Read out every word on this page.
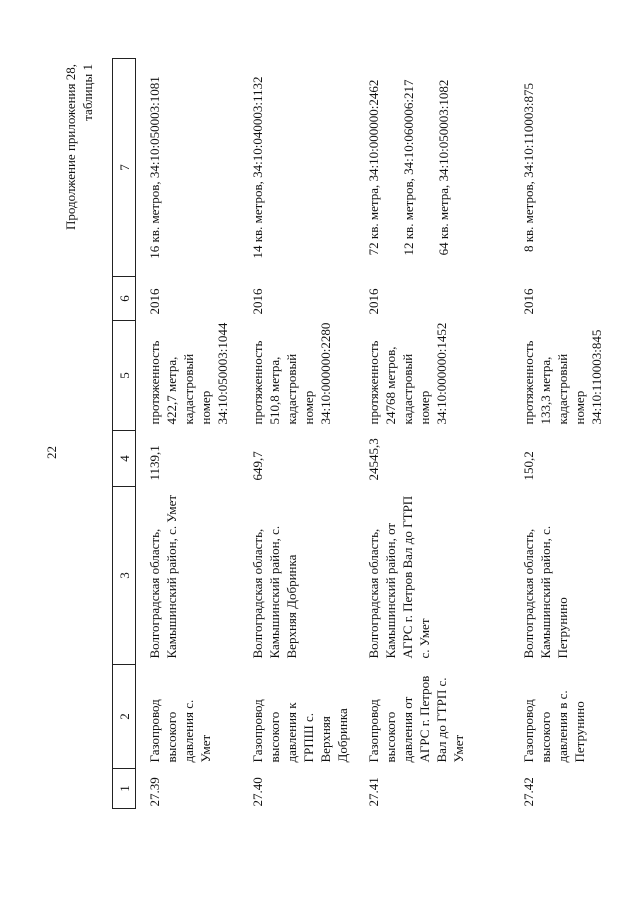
22
Продолжение приложения 28, таблицы 1
1	2	3	4	5	6	7
27.39	Газопровод высокого давления с. Умет	Волгоградская область, Камышинский район, с. Умет	1139,1	протяженность 422,7 метра, кадастровый номер 34:10:050003:1044	2016	16 кв. метров, 34:10:050003:1081

27.40	Газопровод высокого давления к ГРПШ с. Верхняя Добринка	Волгоградская область, Камышинский район, с. Верхняя Добринка	649,7	протяженность 510,8 метра, кадастровый номер 34:10:000000:2280	2016	14 кв. метров, 34:10:040003:1132

27.41	Газопровод высокого давления от АГРС г. Петров Вал до ГТРП с. Умет	Волгоградская область, Камышинский район, от АГРС г. Петров Вал до ГТРП с. Умет	24545,3	протяженность 24768 метров, кадастровый номер 34:10:000000:1452	2016	72 кв. метра, 34:10:000000:2462 12 кв. метров, 34:10:060006:217 64 кв. метра, 34:10:050003:1082

27.42	Газопровод высокого давления в с. Петрунино	Волгоградская область, Камышинский район, с. Петрунино	150,2	протяженность 133,3 метра, кадастровый номер 34:10:110003:845	2016	8 кв. метров, 34:10:110003:875
